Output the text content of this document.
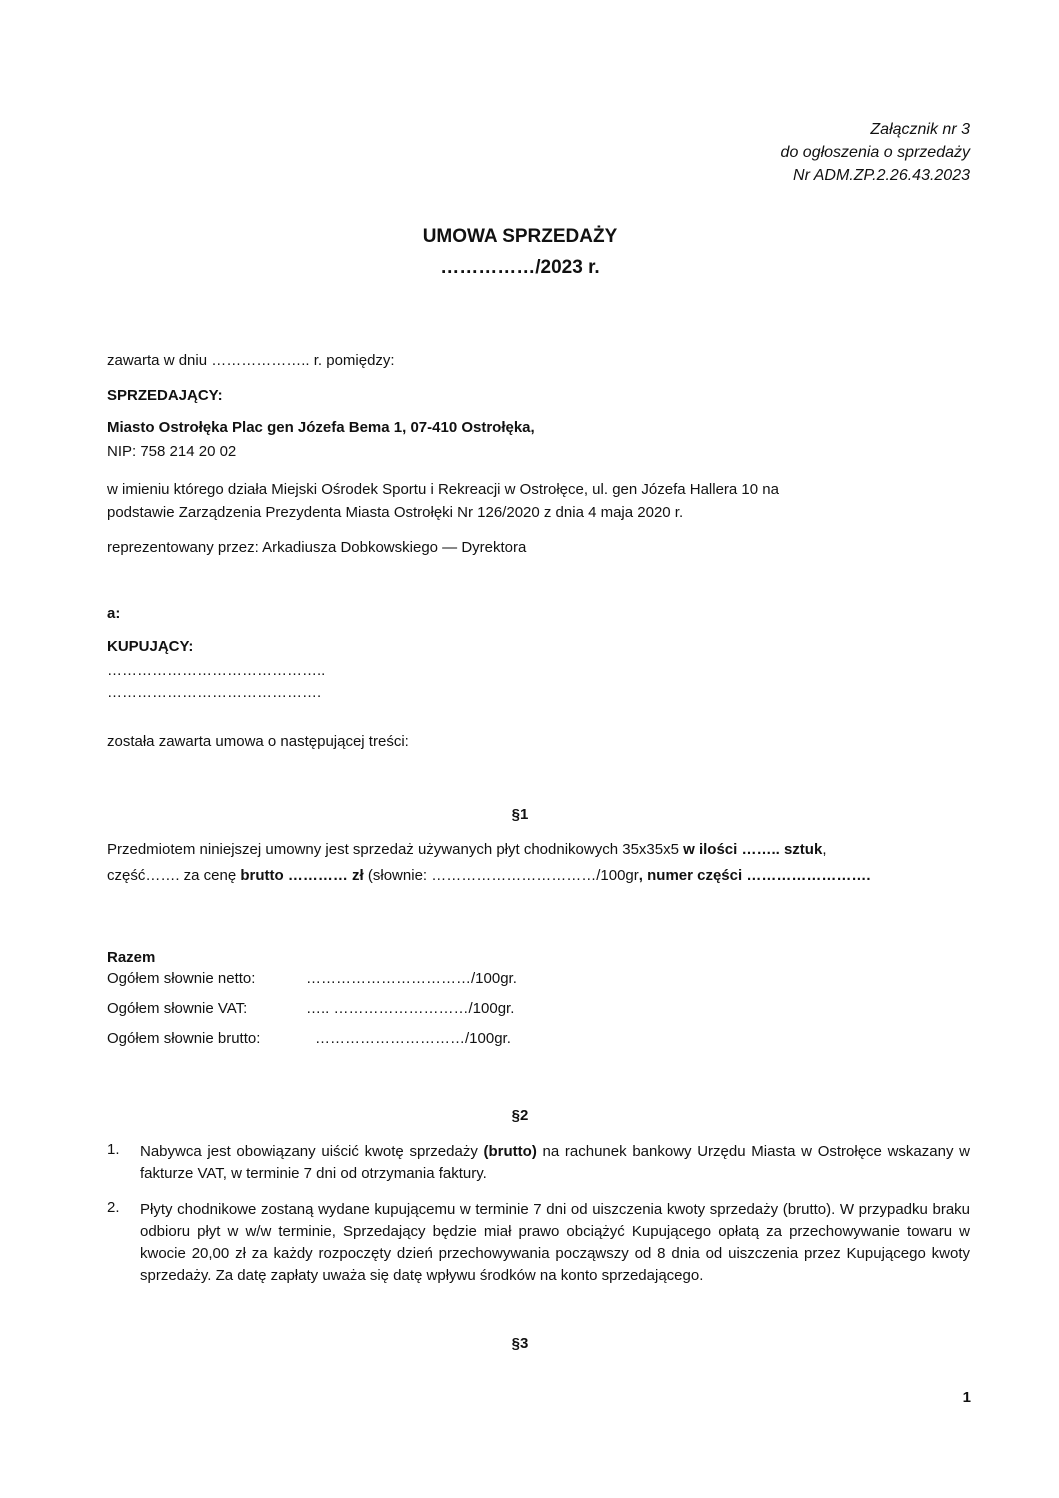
Załącznik nr 3
do ogłoszenia o sprzedaży
Nr ADM.ZP.2.26.43.2023
UMOWA SPRZEDAŻY
……………/2023 r.
zawarta w dniu ……………….. r. pomiędzy:
SPRZEDAJĄCY:
Miasto Ostrołęka Plac gen Józefa Bema 1, 07-410 Ostrołęka,
NIP: 758 214 20 02
w imieniu którego działa Miejski Ośrodek Sportu i Rekreacji w Ostrołęce, ul. gen Józefa Hallera 10 na
podstawie Zarządzenia Prezydenta Miasta Ostrołęki Nr 126/2020 z dnia 4 maja 2020 r.
reprezentowany przez: Arkadiusza Dobkowskiego — Dyrektora
a:
KUPUJĄCY:
……………………………………..
…………………………………….
została zawarta umowa o następującej treści:
§1
Przedmiotem niniejszej umowny jest sprzedaż używanych płyt chodnikowych 35x35x5 w ilości …….. sztuk,
część……. za cenę brutto ………… zł (słownie: ……………………………/100gr, numer części …………………….
Razem
Ogółem słownie netto:	……………………………/100gr.
Ogółem słownie VAT:	….. ………………………/100gr.
Ogółem słownie brutto:	…………………………/100gr.
§2
1. Nabywca jest obowiązany uiścić kwotę sprzedaży (brutto) na rachunek bankowy Urzędu Miasta w Ostrołęce wskazany w fakturze VAT, w terminie 7 dni od otrzymania faktury.
2. Płyty chodnikowe zostaną wydane kupującemu w terminie 7 dni od uiszczenia kwoty sprzedaży (brutto). W przypadku braku odbioru płyt w w/w terminie, Sprzedający będzie miał prawo obciążyć Kupującego opłatą za przechowywanie towaru w kwocie 20,00 zł za każdy rozpoczęty dzień przechowywania począwszy od 8 dnia od uiszczenia przez Kupującego kwoty sprzedaży. Za datę zapłaty uważa się datę wpływu środków na konto sprzedającego.
§3
1
